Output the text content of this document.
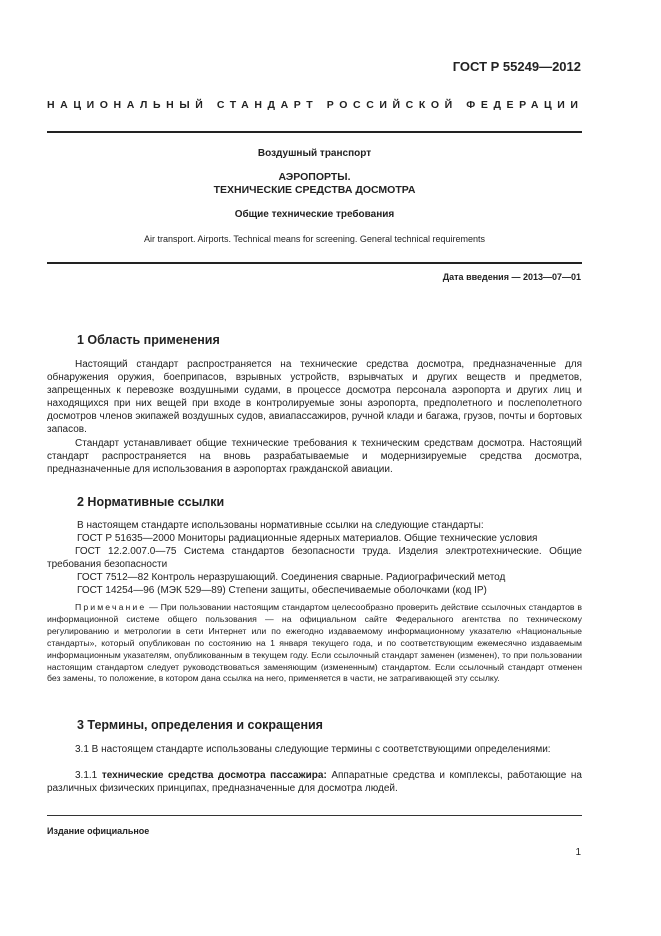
ГОСТ Р 55249—2012
НАЦИОНАЛЬНЫЙ СТАНДАРТ РОССИЙСКОЙ ФЕДЕРАЦИИ
Воздушный транспорт
АЭРОПОРТЫ.
ТЕХНИЧЕСКИЕ СРЕДСТВА ДОСМОТРА
Общие технические требования
Air transport. Airports. Technical means for screening. General technical requirements
Дата введения — 2013—07—01
1 Область применения
Настоящий стандарт распространяется на технические средства досмотра, предназначенные для обнаружения оружия, боеприпасов, взрывных устройств, взрывчатых и других веществ и предметов, запрещенных к перевозке воздушными судами, в процессе досмотра персонала аэропорта и других лиц и находящихся при них вещей при входе в контролируемые зоны аэропорта, предполетного и послеполетного досмотров членов экипажей воздушных судов, авиапассажиров, ручной клади и багажа, грузов, почты и бортовых запасов.
Стандарт устанавливает общие технические требования к техническим средствам досмотра. Настоящий стандарт распространяется на вновь разрабатываемые и модернизируемые средства досмотра, предназначенные для использования в аэропортах гражданской авиации.
2 Нормативные ссылки
В настоящем стандарте использованы нормативные ссылки на следующие стандарты:
ГОСТ Р 51635—2000 Мониторы радиационные ядерных материалов. Общие технические условия
ГОСТ 12.2.007.0—75 Система стандартов безопасности труда. Изделия электротехнические. Общие требования безопасности
ГОСТ 7512—82 Контроль неразрушающий. Соединения сварные. Радиографический метод
ГОСТ 14254—96 (МЭК 529—89) Степени защиты, обеспечиваемые оболочками (код IP)
Примечание — При пользовании настоящим стандартом целесообразно проверить действие ссылочных стандартов в информационной системе общего пользования — на официальном сайте Федерального агентства по техническому регулированию и метрологии в сети Интернет или по ежегодно издаваемому информационному указателю «Национальные стандарты», который опубликован по состоянию на 1 января текущего года, и по соответствующим ежемесячно издаваемым информационным указателям, опубликованным в текущем году. Если ссылочный стандарт заменен (изменен), то при пользовании настоящим стандартом следует руководствоваться заменяющим (измененным) стандартом. Если ссылочный стандарт отменен без замены, то положение, в котором дана ссылка на него, применяется в части, не затрагивающей эту ссылку.
3 Термины, определения и сокращения
3.1 В настоящем стандарте использованы следующие термины с соответствующими определениями:
3.1.1 технические средства досмотра пассажира: Аппаратные средства и комплексы, работающие на различных физических принципах, предназначенные для досмотра людей.
Издание официальное
1
